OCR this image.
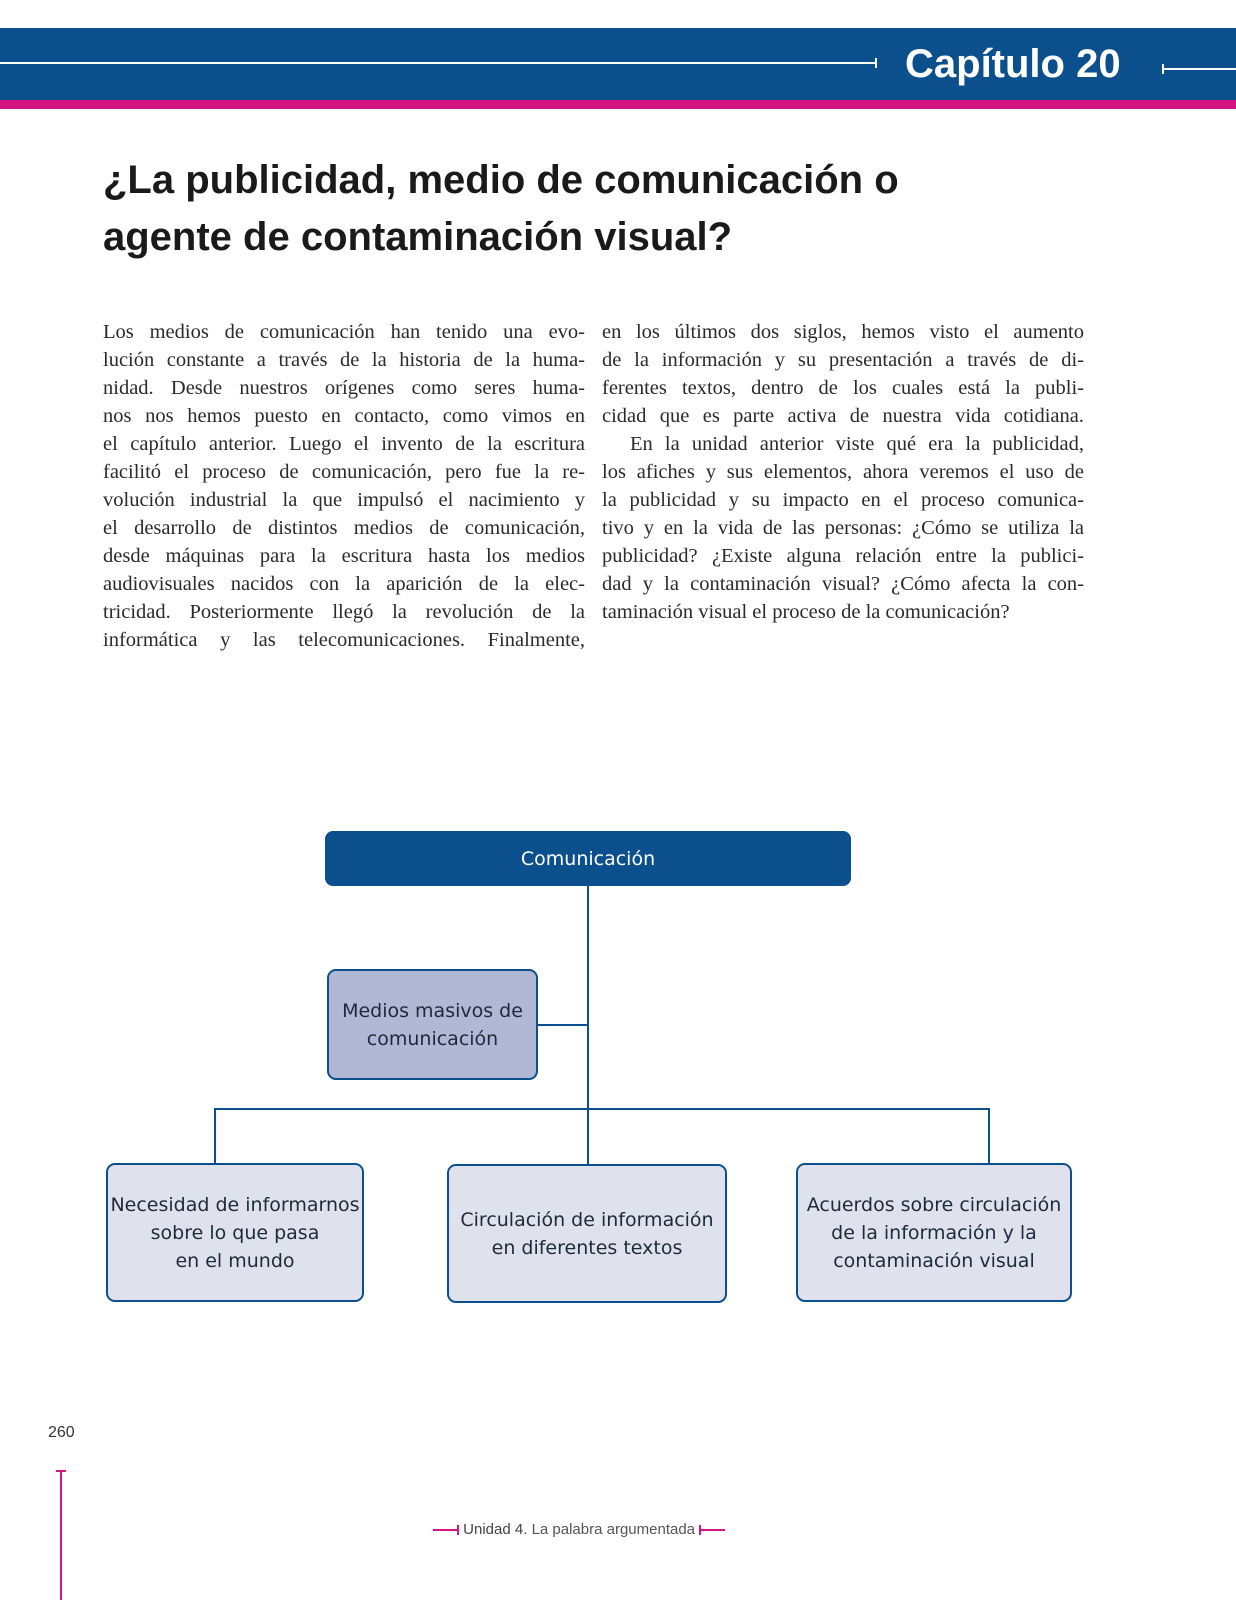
Capítulo 20
¿La publicidad, medio de comunicación o
agente de contaminación visual?
Los medios de comunicación han tenido una evo-
lución constante a través de la historia de la huma-
nidad. Desde nuestros orígenes como seres huma-
nos nos hemos puesto en contacto, como vimos en
el capítulo anterior. Luego el invento de la escritura
facilitó el proceso de comunicación, pero fue la re-
volución industrial la que impulsó el nacimiento y
el desarrollo de distintos medios de comunicación,
desde máquinas para la escritura hasta los medios
audiovisuales nacidos con la aparición de la elec-
tricidad. Posteriormente llegó la revolución de la
informática y las telecomunicaciones. Finalmente,
en los últimos dos siglos, hemos visto el aumento
de la información y su presentación a través de di-
ferentes textos, dentro de los cuales está la publi-
cidad que es parte activa de nuestra vida cotidiana.
En la unidad anterior viste qué era la publicidad,
los afiches y sus elementos, ahora veremos el uso de
la publicidad y su impacto en el proceso comunica-
tivo y en la vida de las personas: ¿Cómo se utiliza la
publicidad? ¿Existe alguna relación entre la publici-
dad y la contaminación visual? ¿Cómo afecta la con-
taminación visual el proceso de la comunicación?
Comunicación
Medios masivos de
comunicación
Necesidad de informarnos
sobre lo que pasa
en el mundo
Circulación de información
en diferentes textos
Acuerdos sobre circulación
de la información y la
contaminación visual
260
Unidad 4. La palabra argumentada
